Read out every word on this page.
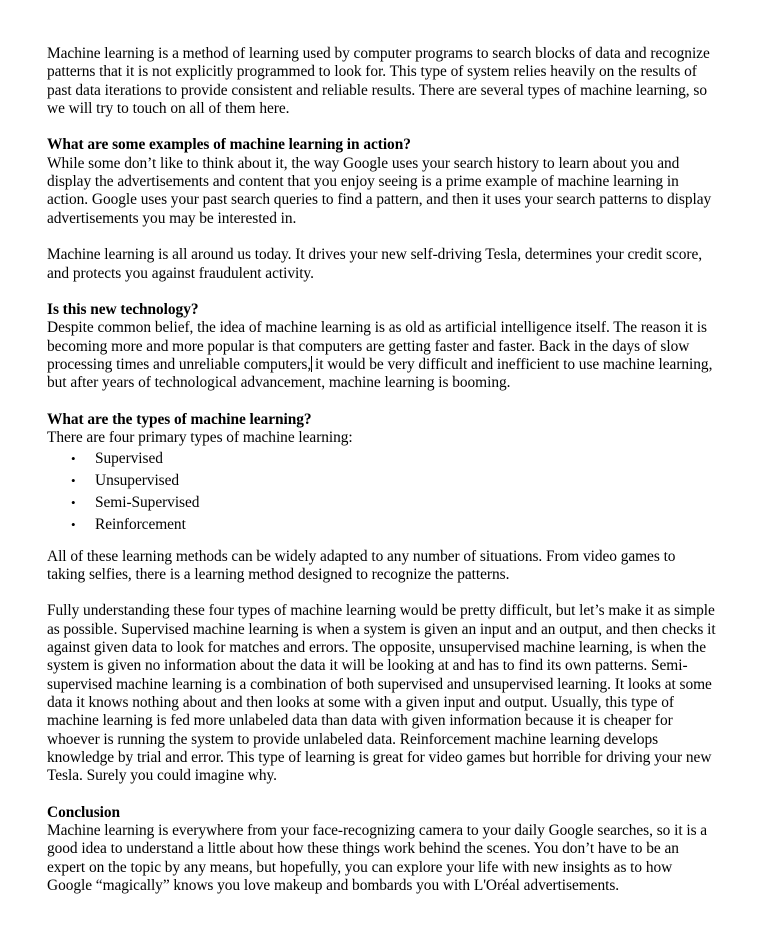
Machine learning is a method of learning used by computer programs to search blocks of data and recognize patterns that it is not explicitly programmed to look for. This type of system relies heavily on the results of past data iterations to provide consistent and reliable results. There are several types of machine learning, so we will try to touch on all of them here.

What are some examples of machine learning in action?

While some don’t like to think about it, the way Google uses your search history to learn about you and display the advertisements and content that you enjoy seeing is a prime example of machine learning in action. Google uses your past search queries to find a pattern, and then it uses your search patterns to display advertisements you may be interested in.

Machine learning is all around us today. It drives your new self-driving Tesla, determines your credit score, and protects you against fraudulent activity.

Is this new technology?

Despite common belief, the idea of machine learning is as old as artificial intelligence itself. The reason it is becoming more and more popular is that computers are getting faster and faster. Back in the days of slow processing times and unreliable computers, it would be very difficult and inefficient to use machine learning, but after years of technological advancement, machine learning is booming.

What are the types of machine learning?

There are four primary types of machine learning:

• Supervised
• Unsupervised
• Semi-Supervised
• Reinforcement

All of these learning methods can be widely adapted to any number of situations. From video games to taking selfies, there is a learning method designed to recognize the patterns.

Fully understanding these four types of machine learning would be pretty difficult, but let’s make it as simple as possible. Supervised machine learning is when a system is given an input and an output, and then checks it against given data to look for matches and errors. The opposite, unsupervised machine learning, is when the system is given no information about the data it will be looking at and has to find its own patterns. Semi-supervised machine learning is a combination of both supervised and unsupervised learning. It looks at some data it knows nothing about and then looks at some with a given input and output. Usually, this type of machine learning is fed more unlabeled data than data with given information because it is cheaper for whoever is running the system to provide unlabeled data. Reinforcement machine learning develops knowledge by trial and error. This type of learning is great for video games but horrible for driving your new Tesla. Surely you could imagine why.

Conclusion

Machine learning is everywhere from your face-recognizing camera to your daily Google searches, so it is a good idea to understand a little about how these things work behind the scenes. You don’t have to be an expert on the topic by any means, but hopefully, you can explore your life with new insights as to how Google “magically” knows you love makeup and bombards you with L'Oréal advertisements.
